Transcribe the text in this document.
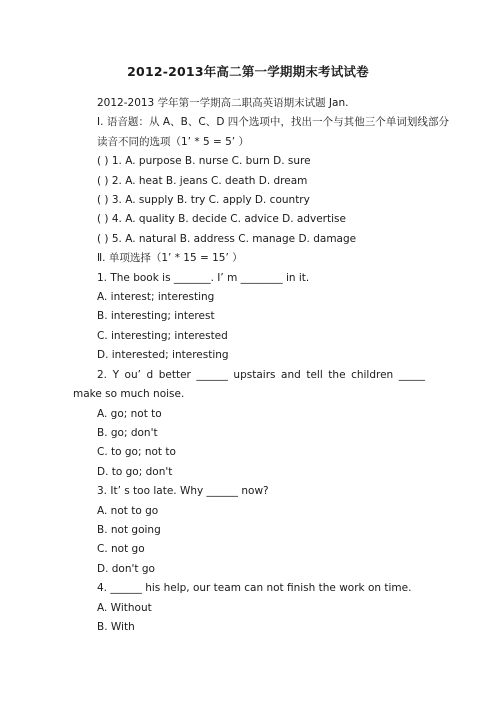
2012-2013年高二第一学期期末考试试卷

2012-2013 学年第一学期高二职高英语期末试题 Jan.

Ⅰ. 语音题：从 A、B、C、D 四个选项中，找出一个与其他三个单词划线部分读音不同的选项（1’ * 5 = 5’ ）

( ) 1. A. purpose B. nurse C. burn D. sure

( ) 2. A. heat B. jeans C. death D. dream

( ) 3. A. supply B. try C. apply D. country

( ) 4. A. quality B. decide C. advice D. advertise

( ) 5. A. natural B. address C. manage D. damage

Ⅱ. 单项选择（1’ * 15 = 15’ ）

1. The book is _______. I’ m ________ in it.

A. interest; interesting

B. interesting; interest

C. interesting; interested

D. interested; interesting

2. Y ou’ d better ______ upstairs and tell the children _____ make so much noise.

A. go; not to

B. go; don't

C. to go; not to

D. to go; don't

3. It’ s too late. Why ______ now?

A. not to go

B. not going

C. not go

D. don't go

4. ______ his help, our team can not finish the work on time.

A. Without

B. With
